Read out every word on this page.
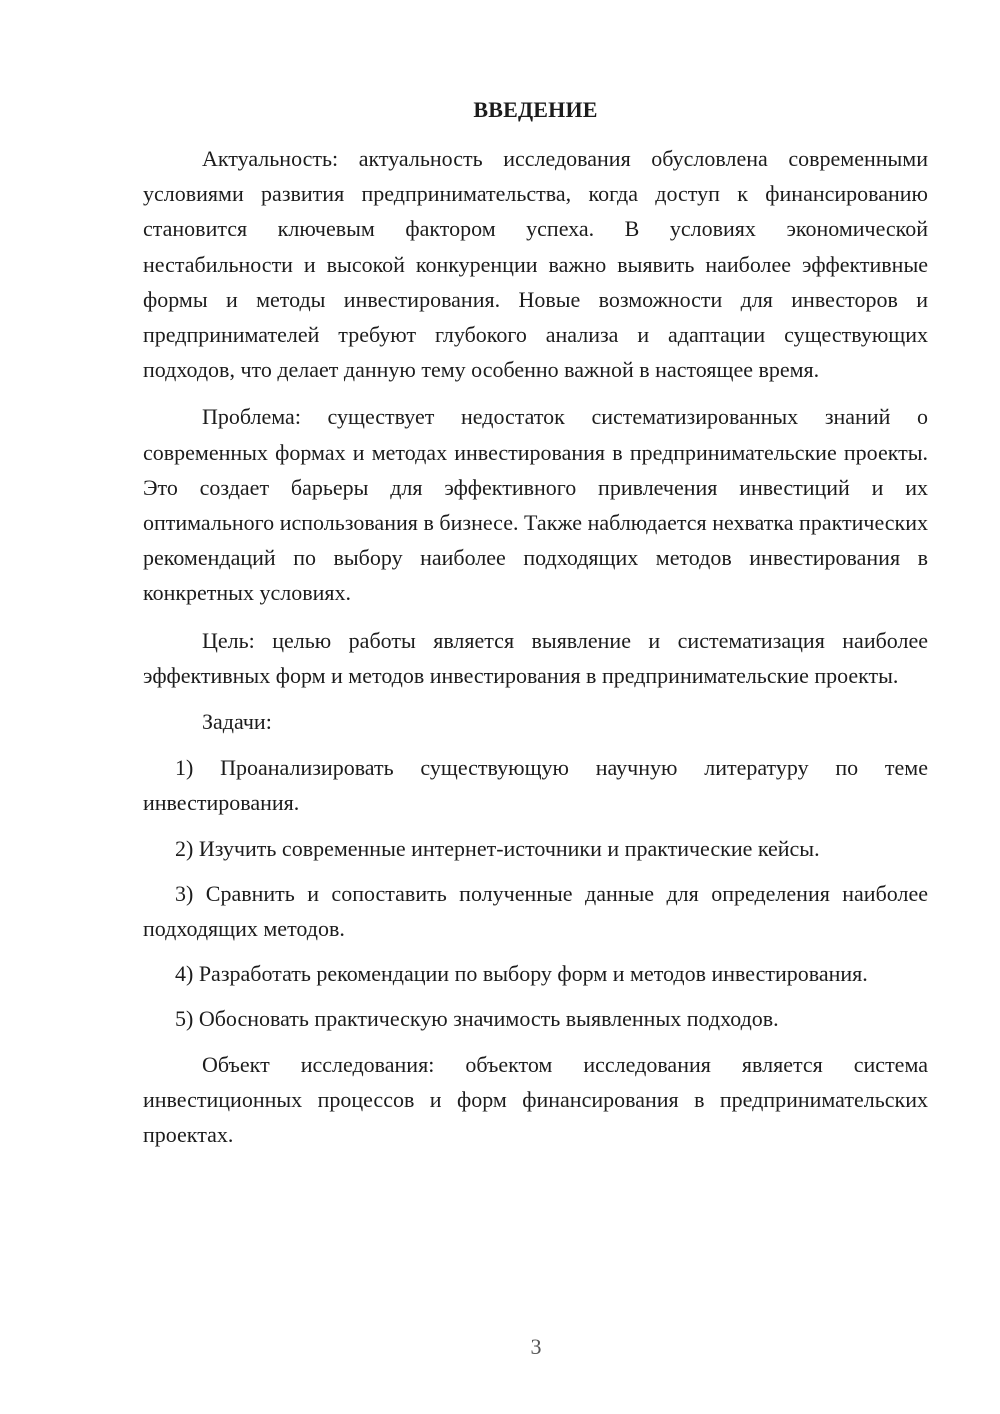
ВВЕДЕНИЕ

Актуальность: актуальность исследования обусловлена современными условиями развития предпринимательства, когда доступ к финансированию становится ключевым фактором успеха. В условиях экономической нестабильности и высокой конкуренции важно выявить наиболее эффективные формы и методы инвестирования. Новые возможности для инвесторов и предпринимателей требуют глубокого анализа и адаптации существующих подходов, что делает данную тему особенно важной в настоящее время.

Проблема: существует недостаток систематизированных знаний о современных формах и методах инвестирования в предпринимательские проекты. Это создает барьеры для эффективного привлечения инвестиций и их оптимального использования в бизнесе. Также наблюдается нехватка практических рекомендаций по выбору наиболее подходящих методов инвестирования в конкретных условиях.

Цель: целью работы является выявление и систематизация наиболее эффективных форм и методов инвестирования в предпринимательские проекты.

Задачи:

1) Проанализировать существующую научную литературу по теме инвестирования.

2) Изучить современные интернет-источники и практические кейсы.

3) Сравнить и сопоставить полученные данные для определения наиболее подходящих методов.

4) Разработать рекомендации по выбору форм и методов инвестирования.

5) Обосновать практическую значимость выявленных подходов.

Объект исследования: объектом исследования является система инвестиционных процессов и форм финансирования в предпринимательских проектах.

3
